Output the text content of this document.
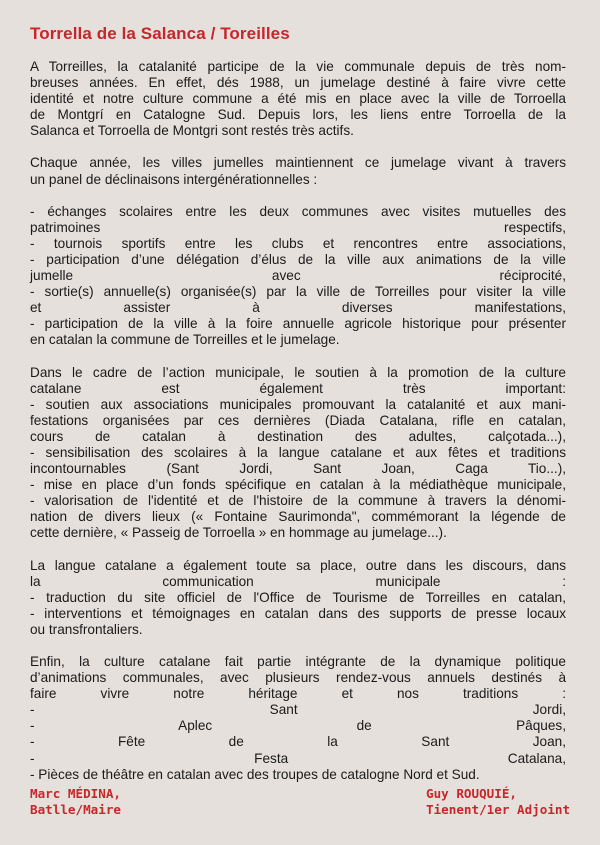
Torrella de la Salanca / Toreilles
A Torreilles, la catalanité participe de la vie communale depuis de très nom-
breuses années. En effet, dés 1988, un jumelage destiné à faire vivre cette
identité et notre culture commune a été mis en place avec la ville de Torroella
de Montgrí en Catalogne Sud. Depuis lors, les liens entre Torroella de la
Salanca et Torroella de Montgri sont restés très actifs.
Chaque année, les villes jumelles maintiennent ce jumelage vivant à travers
un panel de déclinaisons intergénérationnelles :
- échanges scolaires entre les deux communes avec visites mutuelles des
patrimoines respectifs,
- tournois sportifs entre les clubs et rencontres entre associations,
- participation d’une délégation d’élus de la ville aux animations de la ville
jumelle avec réciprocité,
- sortie(s) annuelle(s) organisée(s) par la ville de Torreilles pour visiter la ville
et assister à diverses manifestations,
- participation de la ville à la foire annuelle agricole historique pour présenter
en catalan la commune de Torreilles et le jumelage.
Dans le cadre de l’action municipale, le soutien à la promotion de la culture
catalane est également très important:
- soutien aux associations municipales promouvant la catalanité et aux mani-
festations organisées par ces dernières (Diada Catalana, rifle en catalan,
cours de catalan à destination des adultes, calçotada...),
- sensibilisation des scolaires à la langue catalane et aux fêtes et traditions
incontournables (Sant Jordi, Sant Joan, Caga Tio...),
- mise en place d’un fonds spécifique en catalan à la médiathèque municipale,
- valorisation de l'identité et de l'histoire de la commune à travers la dénomi-
nation de divers lieux (« Fontaine Saurimonda", commémorant la légende de
cette dernière, « Passeig de Torroella » en hommage au jumelage...).
La langue catalane a également toute sa place, outre dans les discours, dans
la communication municipale :
- traduction du site officiel de l'Office de Tourisme de Torreilles en catalan,
- interventions et témoignages en catalan dans des supports de presse locaux
ou transfrontaliers.
Enfin, la culture catalane fait partie intégrante de la dynamique politique
d’animations communales, avec plusieurs rendez-vous annuels destinés à
faire vivre notre héritage et nos traditions :
- Sant Jordi,
- Aplec de Pâques,
- Fête de la Sant Joan,
- Festa Catalana,
- Pièces de théâtre en catalan avec des troupes de catalogne Nord et Sud.
Marc MÉDINA,
Batlle/Maire
Guy ROUQUIÉ,
Tienent/1er Adjoint
